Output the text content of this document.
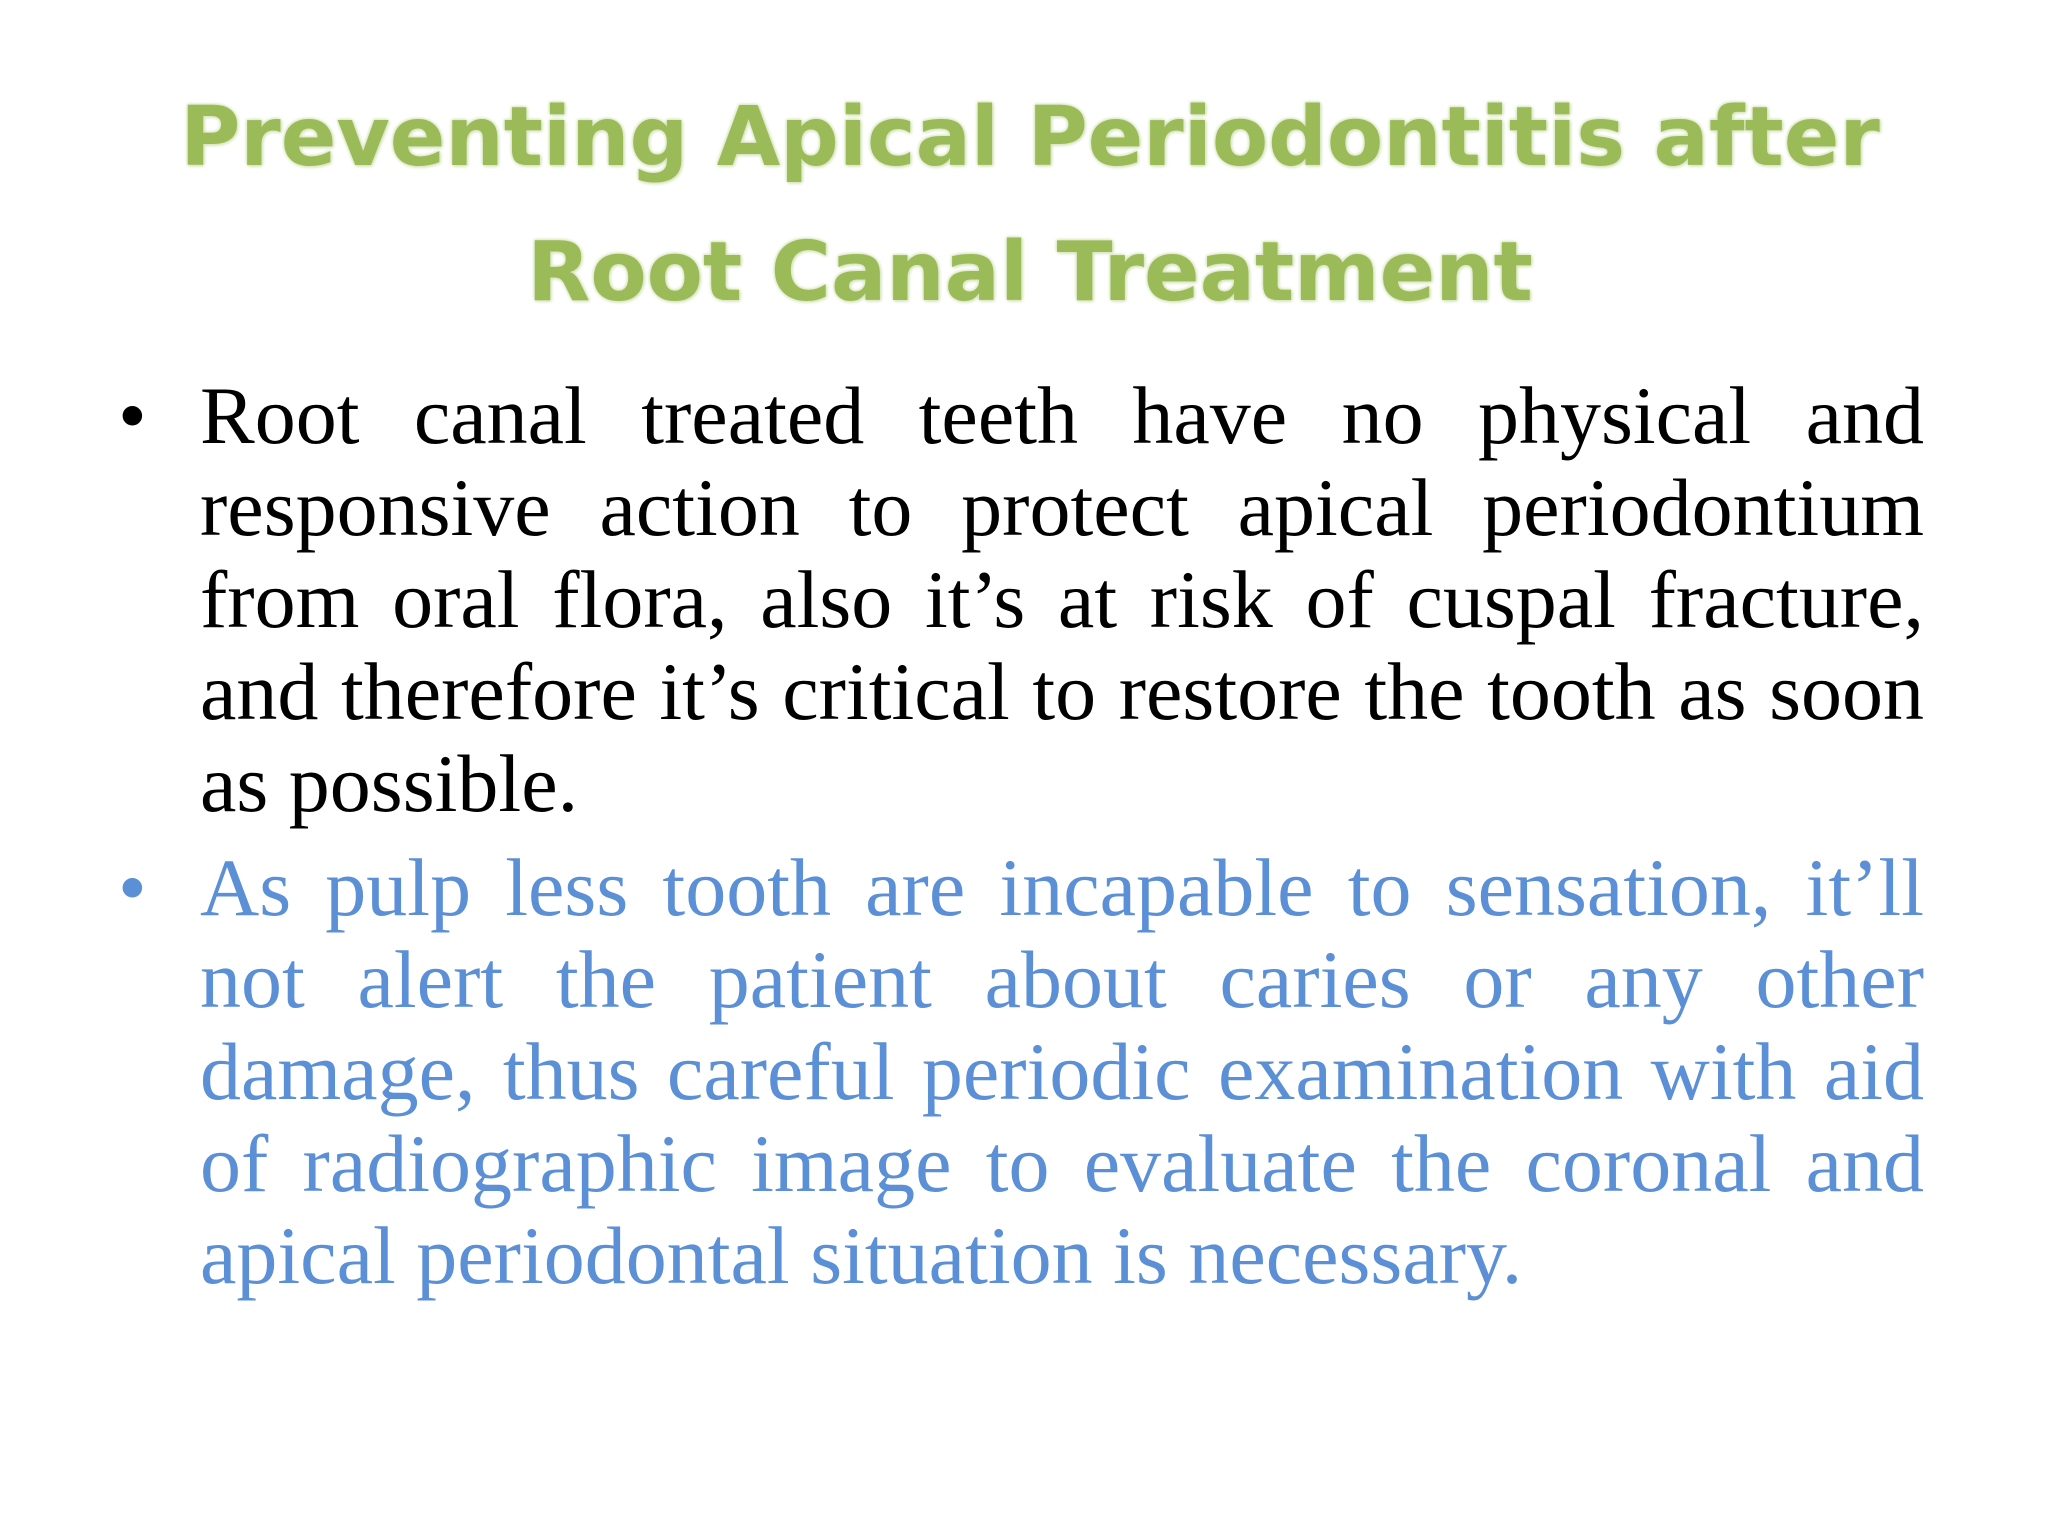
Preventing Apical Periodontitis after
Root Canal Treatment
• Root canal treated teeth have no physical and responsive action to protect apical periodontium from oral flora, also it’s at risk of cuspal fracture, and therefore it’s critical to restore the tooth as soon as possible.
• As pulp less tooth are incapable to sensation, it’ll not alert the patient about caries or any other damage, thus careful periodic examination with aid of radiographic image to evaluate the coronal and apical periodontal situation is necessary.
